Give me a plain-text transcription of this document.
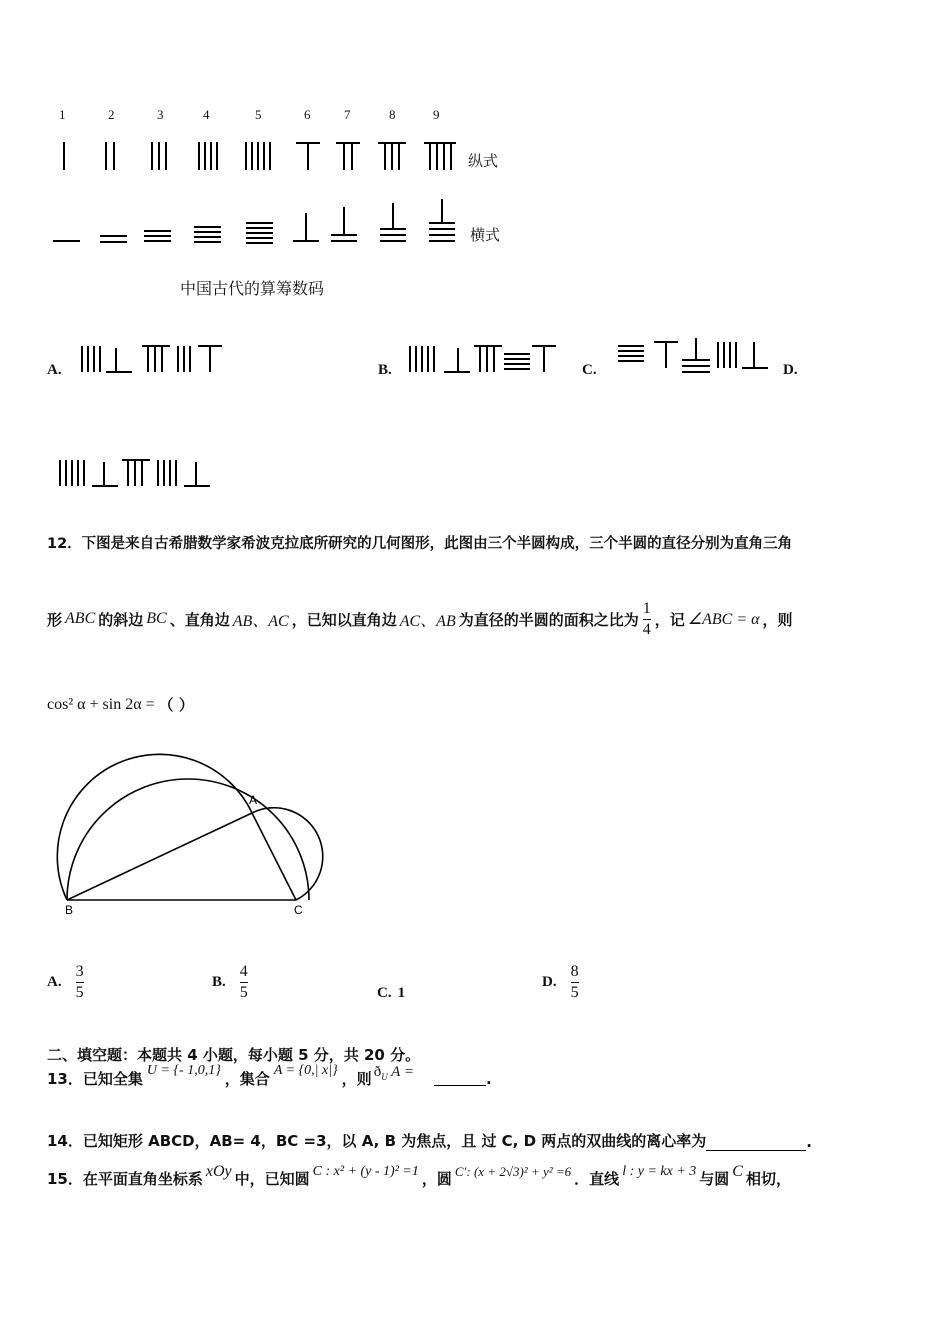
1	2	3	4	5	6	7	8	9
纵式
横式
中国古代的算筹数码
A.	B.	C.	D.
12．下图是来自古希腊数学家希波克拉底所研究的几何图形，此图由三个半圆构成，三个半圆的直径分别为直角三角
形 ABC 的斜边 BC 、直角边 AB、AC ，已知以直角边 AC、AB 为直径的半圆的面积之比为 $\frac{1}{4}$ ，记 ∠ABC = α ，则
cos² α + sin 2α = （ ）
A
B	C
A. $\frac{3}{5}$	B. $\frac{4}{5}$	C. 1
D. $\frac{8}{5}$
二、填空题：本题共 4 小题，每小题 5 分，共 20 分。
13．已知全集 U = {- 1,0,1} ，集合 A = {0,| x|} ，则 $ð_U$ A =	.
14．已知矩形 ABCD，AB= 4，BC =3，以 A, B 为焦点，且 过 C, D 两点的双曲线的离心率为	.
15．在平面直角坐标系 xOy 中，已知圆 C : x² + (y - 1)² =1 ，圆 C′: (x + 2√3)² + y² =6 ．直线 l : y = kx + 3 与圆 C 相切，
